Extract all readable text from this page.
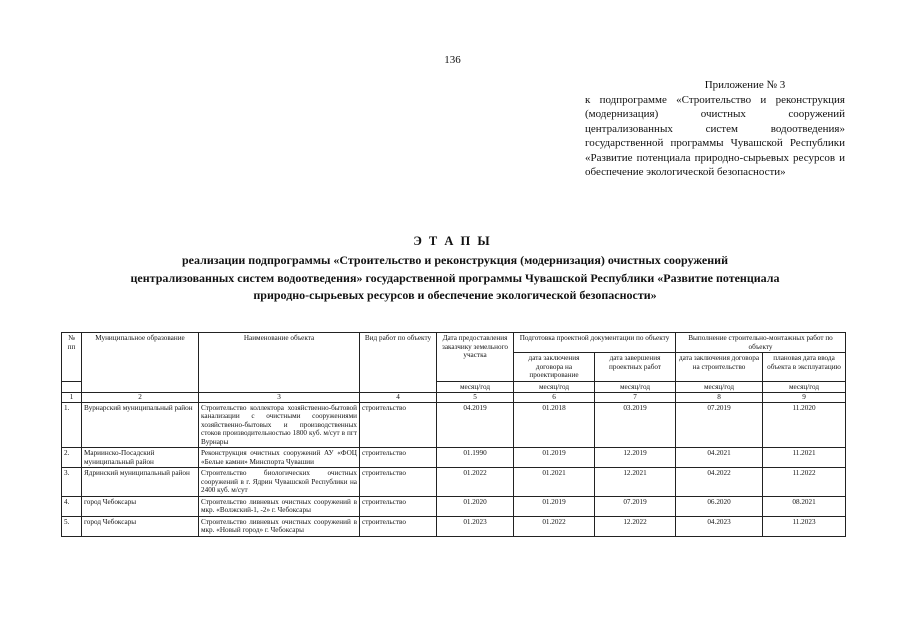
136
Приложение № 3
к подпрограмме «Строительство и реконструкция (модернизация) очистных сооружений централизованных систем водоотведения» государственной программы Чувашской Республики «Развитие потенциала природно-сырьевых ресурсов и обеспечение экологической безопасности»
Э Т А П Ы
реализации подпрограммы «Строительство и реконструкция (модернизация) очистных сооружений
централизованных систем водоотведения» государственной программы Чувашской Республики «Развитие потенциала
природно-сырьевых ресурсов и обеспечение экологической безопасности»
№ пп	Муниципальное образование	Наименование объекта	Вид работ по объекту	Дата предоставления заказчику земельного участка	Подготовка проектной документации по объекту		Выполнение строительно-монтажных работ по объекту	
					дата заключения договора на проектирование	дата завершения проектных работ	дата заключения договора на строительство	плановая дата ввода объекта в эксплуатацию
				месяц/год	месяц/год	месяц/год	месяц/год	месяц/год
1	2	3	4	5	6	7	8	9
1.	Вурнарский муниципальный район	Строительство коллектора хозяйственно-бытовой канализации с очистными сооружениями хозяйственно-бытовых и производственных стоков производительностью 1800 куб. м/сут в пгт Вурнары	строительство	04.2019	01.2018	03.2019	07.2019	11.2020
2.	Мариинско-Посадский муниципальный район	Реконструкция очистных сооружений АУ «ФОЦ «Белые камни» Минспорта Чувашии	строительство	01.1990	01.2019	12.2019	04.2021	11.2021
3.	Ядринский муниципальный район	Строительство биологических очистных сооружений в г. Ядрин Чувашской Республики на 2400 куб. м/сут	строительство	01.2022	01.2021	12.2021	04.2022	11.2022
4.	город Чебоксары	Строительство ливневых очистных сооружений в мкр. «Волжский-1, -2» г. Чебоксары	строительство	01.2020	01.2019	07.2019	06.2020	08.2021
5.	город Чебоксары	Строительство ливневых очистных сооружений в мкр. «Новый город» г. Чебоксары	строительство	01.2023	01.2022	12.2022	04.2023	11.2023
